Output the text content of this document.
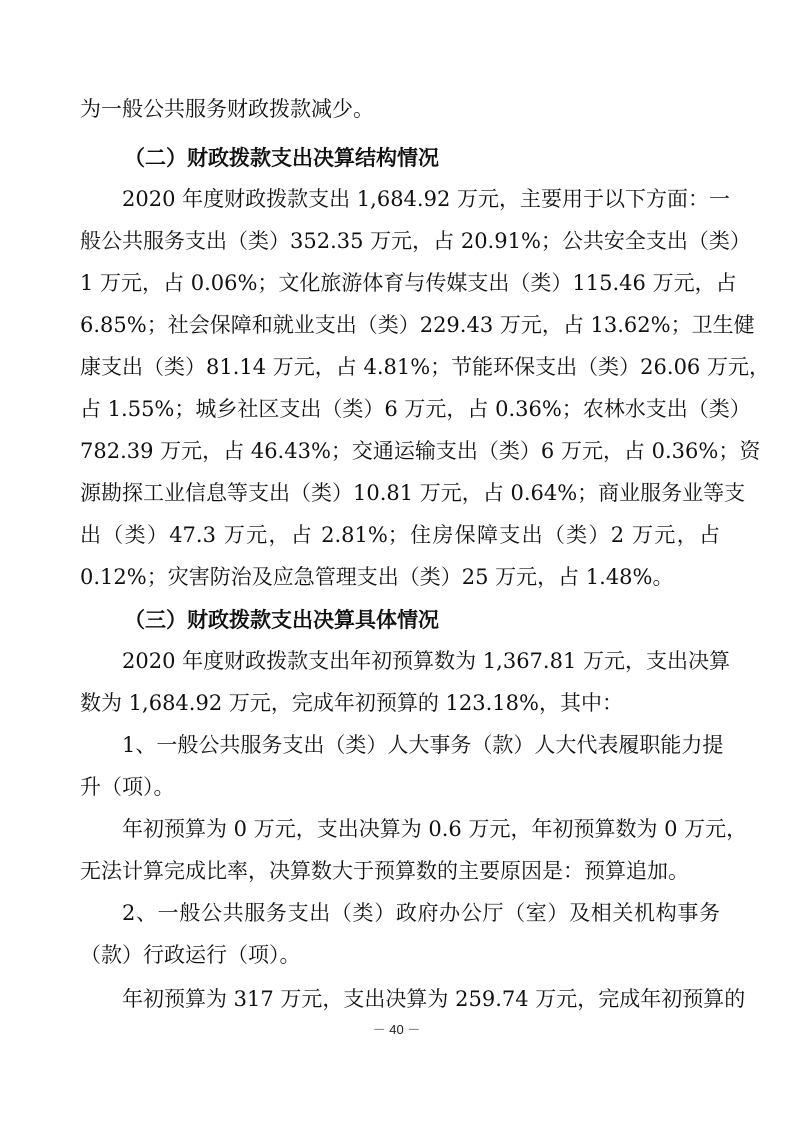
为一般公共服务财政拨款减少。
（二）财政拨款支出决算结构情况
2020 年度财政拨款支出 1,684.92 万元，主要用于以下方面：一
般公共服务支出（类）352.35 万元，占 20.91%；公共安全支出（类）
1 万元，占 0.06%；文化旅游体育与传媒支出（类）115.46 万元，占
6.85%；社会保障和就业支出（类）229.43 万元，占 13.62%；卫生健
康支出（类）81.14 万元，占 4.81%；节能环保支出（类）26.06 万元，
占 1.55%；城乡社区支出（类）6 万元，占 0.36%；农林水支出（类）
782.39 万元，占 46.43%；交通运输支出（类）6 万元，占 0.36%；资
源勘探工业信息等支出（类）10.81 万元，占 0.64%；商业服务业等支
出（类）47.3 万元，占 2.81%；住房保障支出（类）2 万元，占
0.12%；灾害防治及应急管理支出（类）25 万元，占 1.48%。
（三）财政拨款支出决算具体情况
2020 年度财政拨款支出年初预算数为 1,367.81 万元，支出决算
数为 1,684.92 万元，完成年初预算的 123.18%，其中：
1、一般公共服务支出（类）人大事务（款）人大代表履职能力提
升（项）。
年初预算为 0 万元，支出决算为 0.6 万元，年初预算数为 0 万元，
无法计算完成比率，决算数大于预算数的主要原因是：预算追加。
2、一般公共服务支出（类）政府办公厅（室）及相关机构事务
（款）行政运行（项）。
年初预算为 317 万元，支出决算为 259.74 万元，完成年初预算的
－ 40 －
